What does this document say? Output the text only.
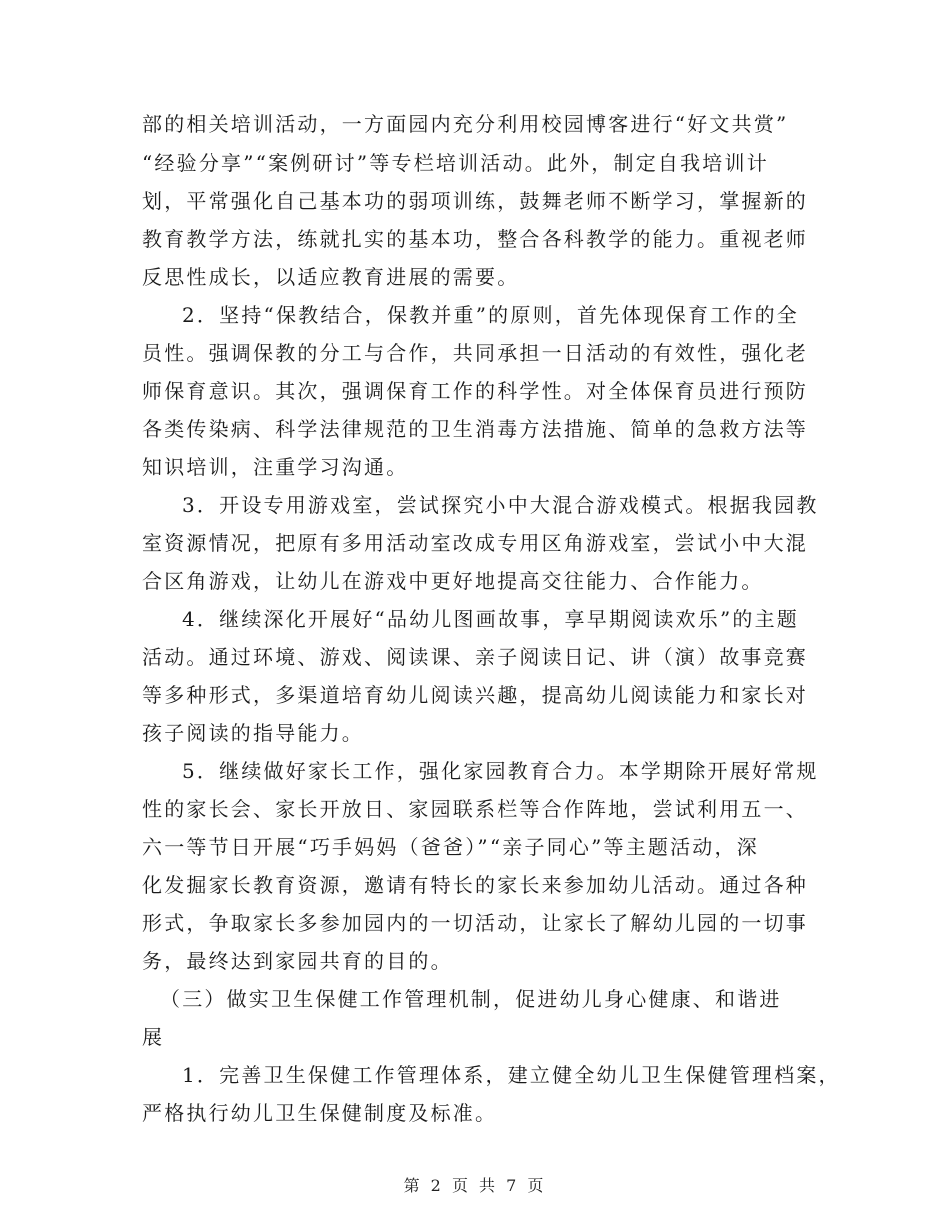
部的相关培训活动，一方面园内充分利用校园博客进行“好文共赏”
“经验分享”“案例研讨”等专栏培训活动。此外，制定自我培训计
划，平常强化自己基本功的弱项训练，鼓舞老师不断学习，掌握新的
教育教学方法，练就扎实的基本功，整合各科教学的能力。重视老师
反思性成长，以适应教育进展的需要。
2．坚持“保教结合，保教并重”的原则，首先体现保育工作的全
员性。强调保教的分工与合作，共同承担一日活动的有效性，强化老
师保育意识。其次，强调保育工作的科学性。对全体保育员进行预防
各类传染病、科学法律规范的卫生消毒方法措施、简单的急救方法等
知识培训，注重学习沟通。
3．开设专用游戏室，尝试探究小中大混合游戏模式。根据我园教
室资源情况，把原有多用活动室改成专用区角游戏室，尝试小中大混
合区角游戏，让幼儿在游戏中更好地提高交往能力、合作能力。
4．继续深化开展好“品幼儿图画故事，享早期阅读欢乐”的主题
活动。通过环境、游戏、阅读课、亲子阅读日记、讲（演）故事竞赛
等多种形式，多渠道培育幼儿阅读兴趣，提高幼儿阅读能力和家长对
孩子阅读的指导能力。
5．继续做好家长工作，强化家园教育合力。本学期除开展好常规
性的家长会、家长开放日、家园联系栏等合作阵地，尝试利用五一、
六一等节日开展“巧手妈妈（爸爸）”“亲子同心”等主题活动，深
化发掘家长教育资源，邀请有特长的家长来参加幼儿活动。通过各种
形式，争取家长多参加园内的一切活动，让家长了解幼儿园的一切事
务，最终达到家园共育的目的。
（三）做实卫生保健工作管理机制，促进幼儿身心健康、和谐进
展
1．完善卫生保健工作管理体系，建立健全幼儿卫生保健管理档案，
严格执行幼儿卫生保健制度及标准。
第 2 页 共 7 页
